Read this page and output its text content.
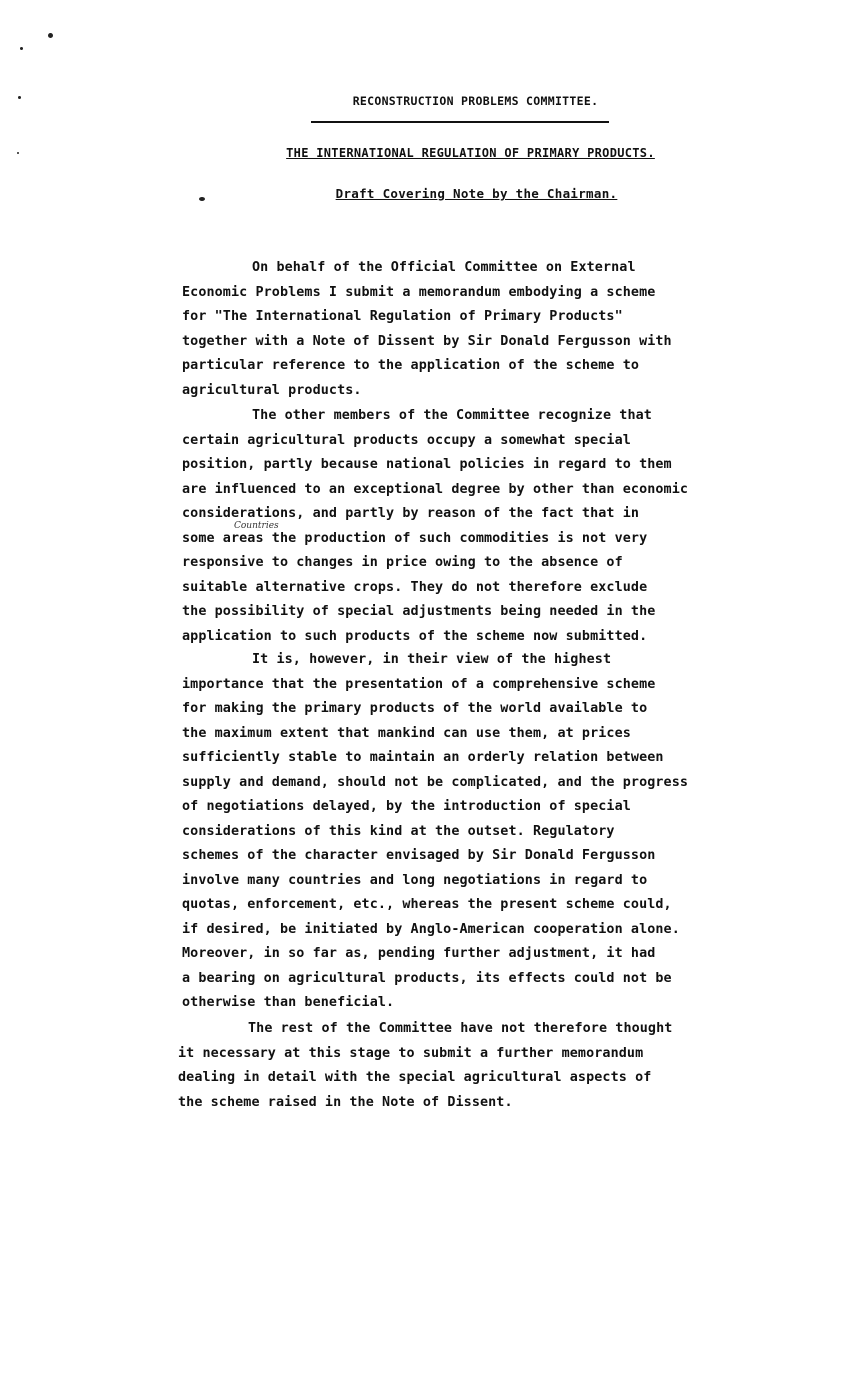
RECONSTRUCTION PROBLEMS COMMITTEE.
THE INTERNATIONAL REGULATION OF PRIMARY PRODUCTS.
Draft Covering Note by the Chairman.
Countries
On behalf of the Official Committee on External
Economic Problems I submit a memorandum embodying a scheme
for "The International Regulation of Primary Products"
together with a Note of Dissent by Sir Donald Fergusson with
particular reference to the application of the scheme to
agricultural products.
The other members of the Committee recognize that
certain agricultural products occupy a somewhat special
position, partly because national policies in regard to them
are influenced to an exceptional degree by other than economic
considerations, and partly by reason of the fact that in
some areas the production of such commodities is not very
responsive to changes in price owing to the absence of
suitable alternative crops. They do not therefore exclude
the possibility of special adjustments being needed in the
application to such products of the scheme now submitted.
It is, however, in their view of the highest
importance that the presentation of a comprehensive scheme
for making the primary products of the world available to
the maximum extent that mankind can use them, at prices
sufficiently stable to maintain an orderly relation between
supply and demand, should not be complicated, and the progress
of negotiations delayed, by the introduction of special
considerations of this kind at the outset. Regulatory
schemes of the character envisaged by Sir Donald Fergusson
involve many countries and long negotiations in regard to
quotas, enforcement, etc., whereas the present scheme could,
if desired, be initiated by Anglo-American cooperation alone.
Moreover, in so far as, pending further adjustment, it had
a bearing on agricultural products, its effects could not be
otherwise than beneficial.
The rest of the Committee have not therefore thought
it necessary at this stage to submit a further memorandum
dealing in detail with the special agricultural aspects of
the scheme raised in the Note of Dissent.
